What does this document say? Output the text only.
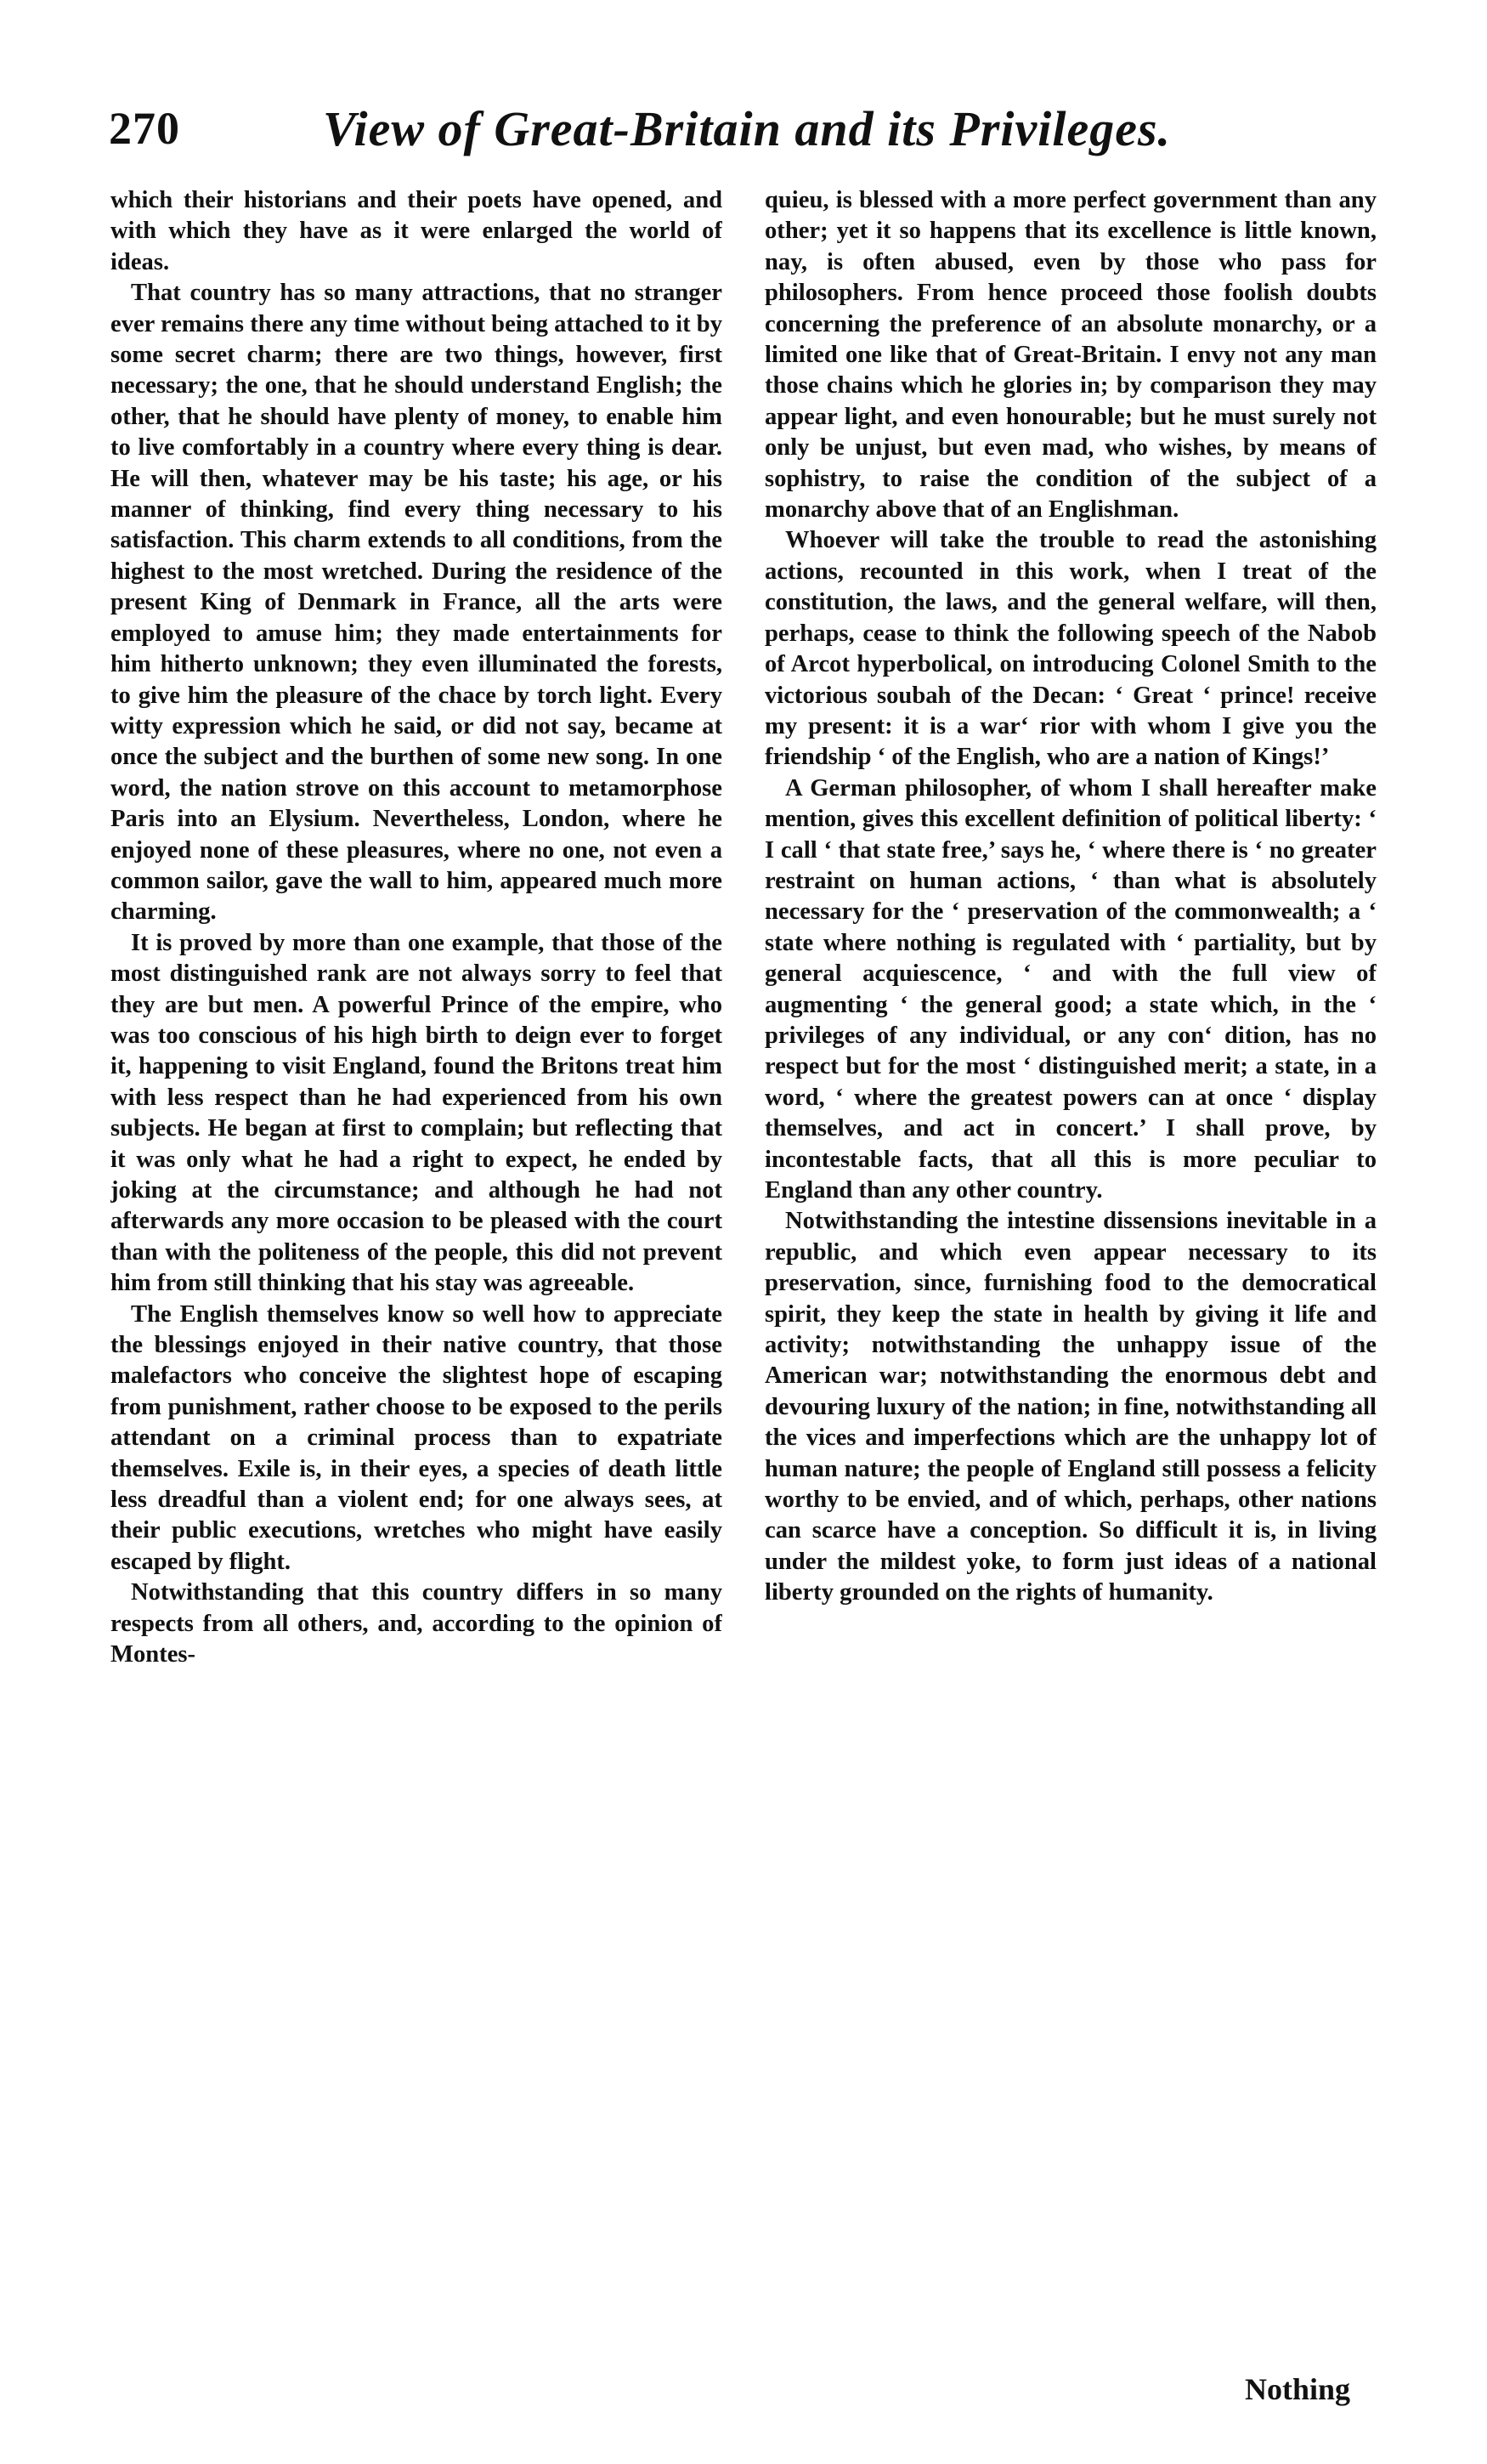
270	View of Great-Britain and its Privileges.

which their historians and their poets have opened, and with which they have as it were enlarged the world of ideas.

That country has so many attractions, that no stranger ever remains there any time without being attached to it by some secret charm; there are two things, however, first necessary; the one, that he should understand English; the other, that he should have plenty of money, to enable him to live comfortably in a country where every thing is dear. He will then, whatever may be his taste; his age, or his manner of thinking, find every thing necessary to his satisfaction. This charm extends to all conditions, from the highest to the most wretched. During the residence of the present King of Denmark in France, all the arts were employed to amuse him; they made entertainments for him hitherto unknown; they even illuminated the forests, to give him the pleasure of the chace by torch light. Every witty expression which he said, or did not say, became at once the subject and the burthen of some new song. In one word, the nation strove on this account to metamorphose Paris into an Elysium. Nevertheless, London, where he enjoyed none of these pleasures, where no one, not even a common sailor, gave the wall to him, appeared much more charming.

It is proved by more than one example, that those of the most distinguished rank are not always sorry to feel that they are but men. A powerful Prince of the empire, who was too conscious of his high birth to deign ever to forget it, happening to visit England, found the Britons treat him with less respect than he had experienced from his own subjects. He began at first to complain; but reflecting that it was only what he had a right to expect, he ended by joking at the circumstance; and although he had not afterwards any more occasion to be pleased with the court than with the politeness of the people, this did not prevent him from still thinking that his stay was agreeable.

The English themselves know so well how to appreciate the blessings enjoyed in their native country, that those malefactors who conceive the slightest hope of escaping from punishment, rather choose to be exposed to the perils attendant on a criminal process than to expatriate themselves. Exile is, in their eyes, a species of death little less dreadful than a violent end; for one always sees, at their public executions, wretches who might have easily escaped by flight.

Notwithstanding that this country differs in so many respects from all others, and, according to the opinion of Montes-

quieu, is blessed with a more perfect government than any other; yet it so happens that its excellence is little known, nay, is often abused, even by those who pass for philosophers. From hence proceed those foolish doubts concerning the preference of an absolute monarchy, or a limited one like that of Great-Britain. I envy not any man those chains which he glories in; by comparison they may appear light, and even honourable; but he must surely not only be unjust, but even mad, who wishes, by means of sophistry, to raise the condition of the subject of a monarchy above that of an Englishman.

Whoever will take the trouble to read the astonishing actions, recounted in this work, when I treat of the constitution, the laws, and the general welfare, will then, perhaps, cease to think the following speech of the Nabob of Arcot hyperbolical, on introducing Colonel Smith to the victorious soubah of the Decan: ‘ Great ‘ prince! receive my present: it is a war‘ rior with whom I give you the friendship ‘ of the English, who are a nation of Kings!’

A German philosopher, of whom I shall hereafter make mention, gives this excellent definition of political liberty: ‘ I call ‘ that state free,’ says he, ‘ where there is ‘ no greater restraint on human actions, ‘ than what is absolutely necessary for the ‘ preservation of the commonwealth; a ‘ state where nothing is regulated with ‘ partiality, but by general acquiescence, ‘ and with the full view of augmenting ‘ the general good; a state which, in the ‘ privileges of any individual, or any con‘ dition, has no respect but for the most ‘ distinguished merit; a state, in a word, ‘ where the greatest powers can at once ‘ display themselves, and act in concert.’ I shall prove, by incontestable facts, that all this is more peculiar to England than any other country.

Notwithstanding the intestine dissensions inevitable in a republic, and which even appear necessary to its preservation, since, furnishing food to the democratical spirit, they keep the state in health by giving it life and activity; notwithstanding the unhappy issue of the American war; notwithstanding the enormous debt and devouring luxury of the nation; in fine, notwithstanding all the vices and imperfections which are the unhappy lot of human nature; the people of England still possess a felicity worthy to be envied, and of which, perhaps, other nations can scarce have a conception. So difficult it is, in living under the mildest yoke, to form just ideas of a national liberty grounded on the rights of humanity.

Nothing
